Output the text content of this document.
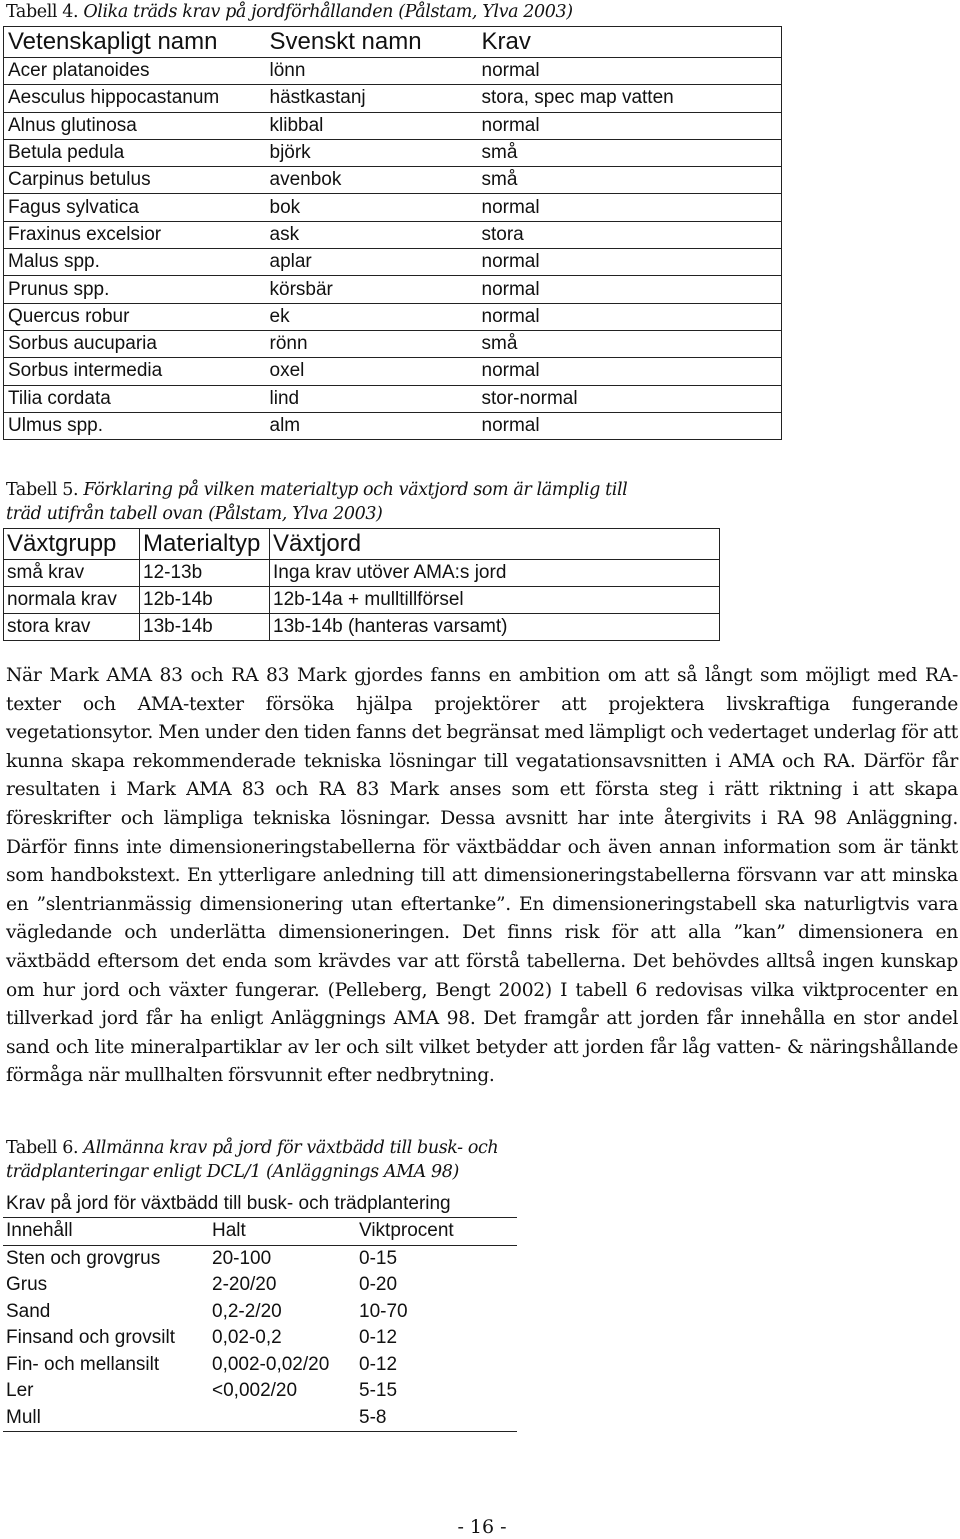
Tabell 4. Olika träds krav på jordförhållanden (Pålstam, Ylva 2003)
Vetenskapligt namn	Svenskt namn	Krav
Acer platanoides	lönn	normal
Aesculus hippocastanum	hästkastanj	stora, spec map vatten
Alnus glutinosa	klibbal	normal
Betula pedula	björk	små
Carpinus betulus	avenbok	små
Fagus sylvatica	bok	normal
Fraxinus excelsior	ask	stora
Malus spp.	aplar	normal
Prunus spp.	körsbär	normal
Quercus robur	ek	normal
Sorbus aucuparia	rönn	små
Sorbus intermedia	oxel	normal
Tilia cordata	lind	stor-normal
Ulmus spp.	alm	normal
Tabell 5. Förklaring på vilken materialtyp och växtjord som är lämplig till
träd utifrån tabell ovan (Pålstam, Ylva 2003)
Växtgrupp	Materialtyp	Växtjord
små krav	12-13b	Inga krav utöver AMA:s jord
normala krav	12b-14b	12b-14a + mulltillförsel
stora krav	13b-14b	13b-14b (hanteras varsamt)
När Mark AMA 83 och RA 83 Mark gjordes fanns en ambition om att så långt som möjligt med RA-texter och AMA-texter försöka hjälpa projektörer att projektera livskraftiga fungerande vegetationsytor. Men under den tiden fanns det begränsat med lämpligt och vedertaget underlag för att kunna skapa rekommenderade tekniska lösningar till vegatationsavsnitten i AMA och RA. Därför får resultaten i Mark AMA 83 och RA 83 Mark anses som ett första steg i rätt riktning i att skapa föreskrifter och lämpliga tekniska lösningar. Dessa avsnitt har inte återgivits i RA 98 Anläggning. Därför finns inte dimensioneringstabellerna för växtbäddar och även annan information som är tänkt som handbokstext. En ytterligare anledning till att dimensioneringstabellerna försvann var att minska en ”slentrianmässig dimensionering utan eftertanke”. En dimensioneringstabell ska naturligtvis vara vägledande och underlätta dimensioneringen. Det finns risk för att alla ”kan” dimensionera en växtbädd eftersom det enda som krävdes var att förstå tabellerna. Det behövdes alltså ingen kunskap om hur jord och växter fungerar. (Pelleberg, Bengt 2002) I tabell 6 redovisas vilka viktprocenter en tillverkad jord får ha enligt Anläggnings AMA 98. Det framgår att jorden får innehålla en stor andel sand och lite mineralpartiklar av ler och silt vilket betyder att jorden får låg vatten- & näringshållande förmåga när mullhalten försvunnit efter nedbrytning.
Tabell 6. Allmänna krav på jord för växtbädd till busk- och
trädplanteringar enligt DCL/1 (Anläggnings AMA 98)
Krav på jord för växtbädd till busk- och trädplantering		
Innehåll	Halt	Viktprocent
Sten och grovgrus	20-100	0-15
Grus	2-20/20	0-20
Sand	0,2-2/20	10-70
Finsand och grovsilt	0,02-0,2	0-12
Fin- och mellansilt	0,002-0,02/20	0-12
Ler	<0,002/20	5-15
Mull		5-8
- 16 -
